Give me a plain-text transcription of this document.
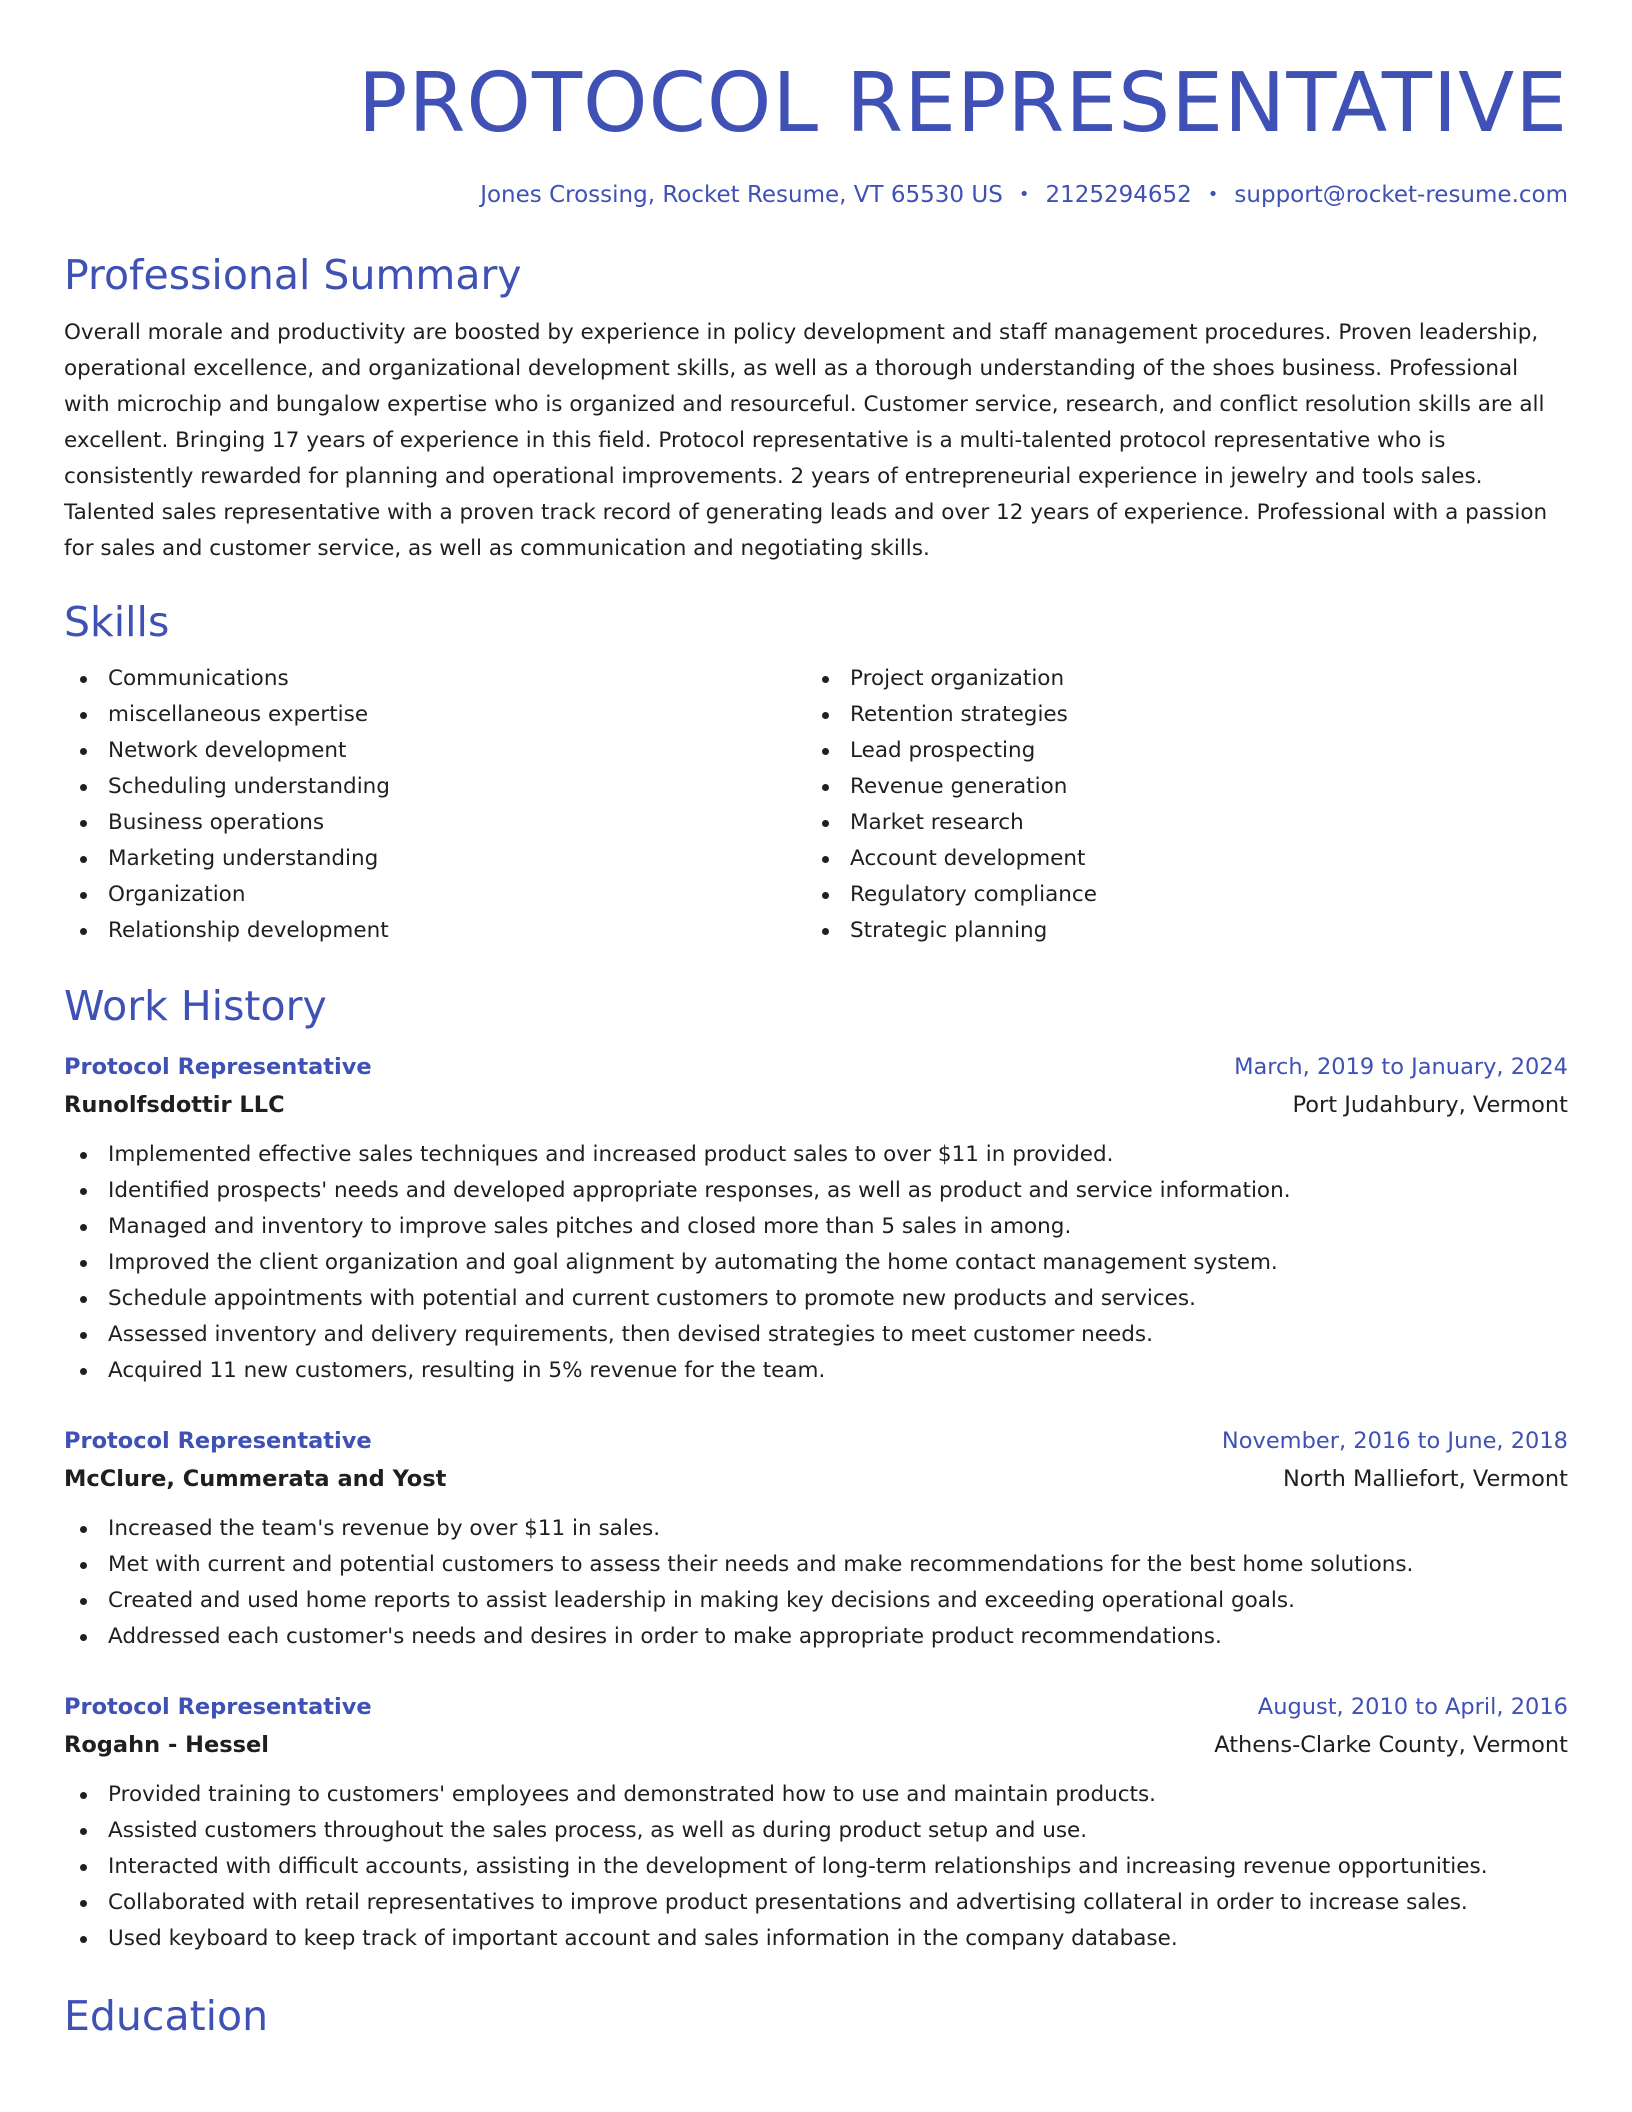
PROTOCOL REPRESENTATIVE
Jones Crossing, Rocket Resume, VT 65530 US • 2125294652 • support@rocket-resume.com
Professional Summary

Overall morale and productivity are boosted by experience in policy development and staff management procedures. Proven leadership, operational excellence, and organizational development skills, as well as a thorough understanding of the shoes business. Professional with microchip and bungalow expertise who is organized and resourceful. Customer service, research, and conflict resolution skills are all excellent. Bringing 17 years of experience in this field. Protocol representative is a multi-talented protocol representative who is consistently rewarded for planning and operational improvements. 2 years of entrepreneurial experience in jewelry and tools sales. Talented sales representative with a proven track record of generating leads and over 12 years of experience. Professional with a passion for sales and customer service, as well as communication and negotiating skills.

Skills
Communications
miscellaneous expertise
Network development
Scheduling understanding
Business operations
Marketing understanding
Organization
Relationship development
Project organization
Retention strategies
Lead prospecting
Revenue generation
Market research
Account development
Regulatory compliance
Strategic planning
Work History
Protocol Representative	March, 2019 to January, 2024
Runolfsdottir LLC	Port Judahbury, Vermont
Implemented effective sales techniques and increased product sales to over $11 in provided.
Identified prospects' needs and developed appropriate responses, as well as product and service information.
Managed and inventory to improve sales pitches and closed more than 5 sales in among.
Improved the client organization and goal alignment by automating the home contact management system.
Schedule appointments with potential and current customers to promote new products and services.
Assessed inventory and delivery requirements, then devised strategies to meet customer needs.
Acquired 11 new customers, resulting in 5% revenue for the team.
Protocol Representative	November, 2016 to June, 2018
McClure, Cummerata and Yost	North Malliefort, Vermont
Increased the team's revenue by over $11 in sales.
Met with current and potential customers to assess their needs and make recommendations for the best home solutions.
Created and used home reports to assist leadership in making key decisions and exceeding operational goals.
Addressed each customer's needs and desires in order to make appropriate product recommendations.
Protocol Representative	August, 2010 to April, 2016
Rogahn - Hessel	Athens-Clarke County, Vermont
Provided training to customers' employees and demonstrated how to use and maintain products.
Assisted customers throughout the sales process, as well as during product setup and use.
Interacted with difficult accounts, assisting in the development of long-term relationships and increasing revenue opportunities.
Collaborated with retail representatives to improve product presentations and advertising collateral in order to increase sales.
Used keyboard to keep track of important account and sales information in the company database.
Education
